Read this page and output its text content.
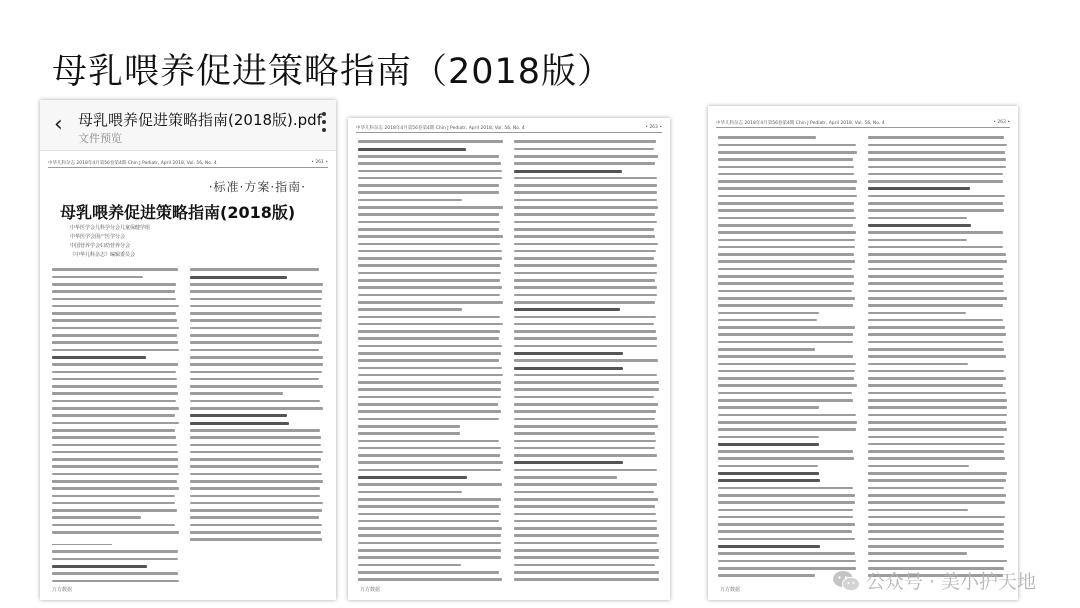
母乳喂养促进策略指南（2018版）
‹ 母乳喂养促进策略指南(2018版).pdf
文件预览
中华儿科杂志 2018年4月第56卷第4期 Chin J Pediatr, April 2018, Vol. 56, No. 4	• 261 •
·标准·方案·指南·
母乳喂养促进策略指南(2018版)
中华医学会儿科学分会儿童保健学组
中华医学会围产医学分会
中国营养学会妇幼营养分会
《中华儿科杂志》编辑委员会
万方数据
中华儿科杂志 2018年4月第56卷第4期 Chin J Pediatr, April 2018, Vol. 56, No. 4	• 263 •
万方数据
中华儿科杂志 2018年4月第56卷第4期 Chin J Pediatr, April 2018, Vol. 56, No. 4	• 263 •
万方数据	公众号 · 美小护天地
